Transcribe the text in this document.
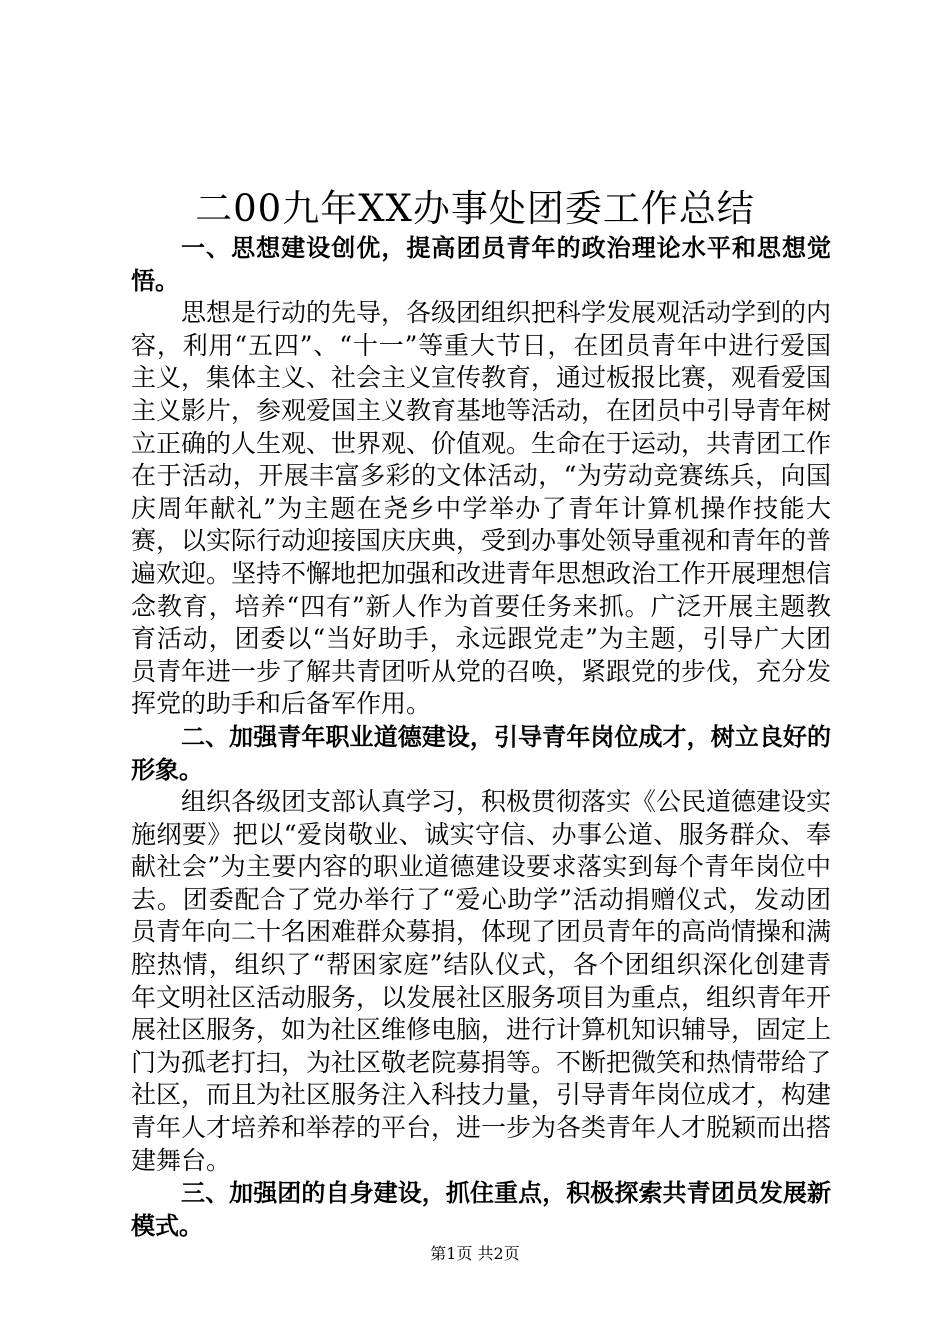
二00九年XX办事处团委工作总结

一、思想建设创优，提高团员青年的政治理论水平和思想觉悟。

思想是行动的先导，各级团组织把科学发展观活动学到的内容，利用“五四”、“十一”等重大节日，在团员青年中进行爱国主义，集体主义、社会主义宣传教育，通过板报比赛，观看爱国主义影片，参观爱国主义教育基地等活动，在团员中引导青年树立正确的人生观、世界观、价值观。生命在于运动，共青团工作在于活动，开展丰富多彩的文体活动，“为劳动竞赛练兵，向国庆周年献礼”为主题在尧乡中学举办了青年计算机操作技能大赛，以实际行动迎接国庆庆典，受到办事处领导重视和青年的普遍欢迎。坚持不懈地把加强和改进青年思想政治工作开展理想信念教育，培养“四有”新人作为首要任务来抓。广泛开展主题教育活动，团委以“当好助手，永远跟党走”为主题，引导广大团员青年进一步了解共青团听从党的召唤，紧跟党的步伐，充分发挥党的助手和后备军作用。

二、加强青年职业道德建设，引导青年岗位成才，树立良好的形象。

组织各级团支部认真学习，积极贯彻落实《公民道德建设实施纲要》把以“爱岗敬业、诚实守信、办事公道、服务群众、奉献社会”为主要内容的职业道德建设要求落实到每个青年岗位中去。团委配合了党办举行了“爱心助学”活动捐赠仪式，发动团员青年向二十名困难群众募捐，体现了团员青年的高尚情操和满腔热情，组织了“帮困家庭”结队仪式，各个团组织深化创建青年文明社区活动服务，以发展社区服务项目为重点，组织青年开展社区服务，如为社区维修电脑，进行计算机知识辅导，固定上门为孤老打扫，为社区敬老院募捐等。不断把微笑和热情带给了社区，而且为社区服务注入科技力量，引导青年岗位成才，构建青年人才培养和举荐的平台，进一步为各类青年人才脱颖而出搭建舞台。

三、加强团的自身建设，抓住重点，积极探索共青团员发展新模式。

第1页 共2页
